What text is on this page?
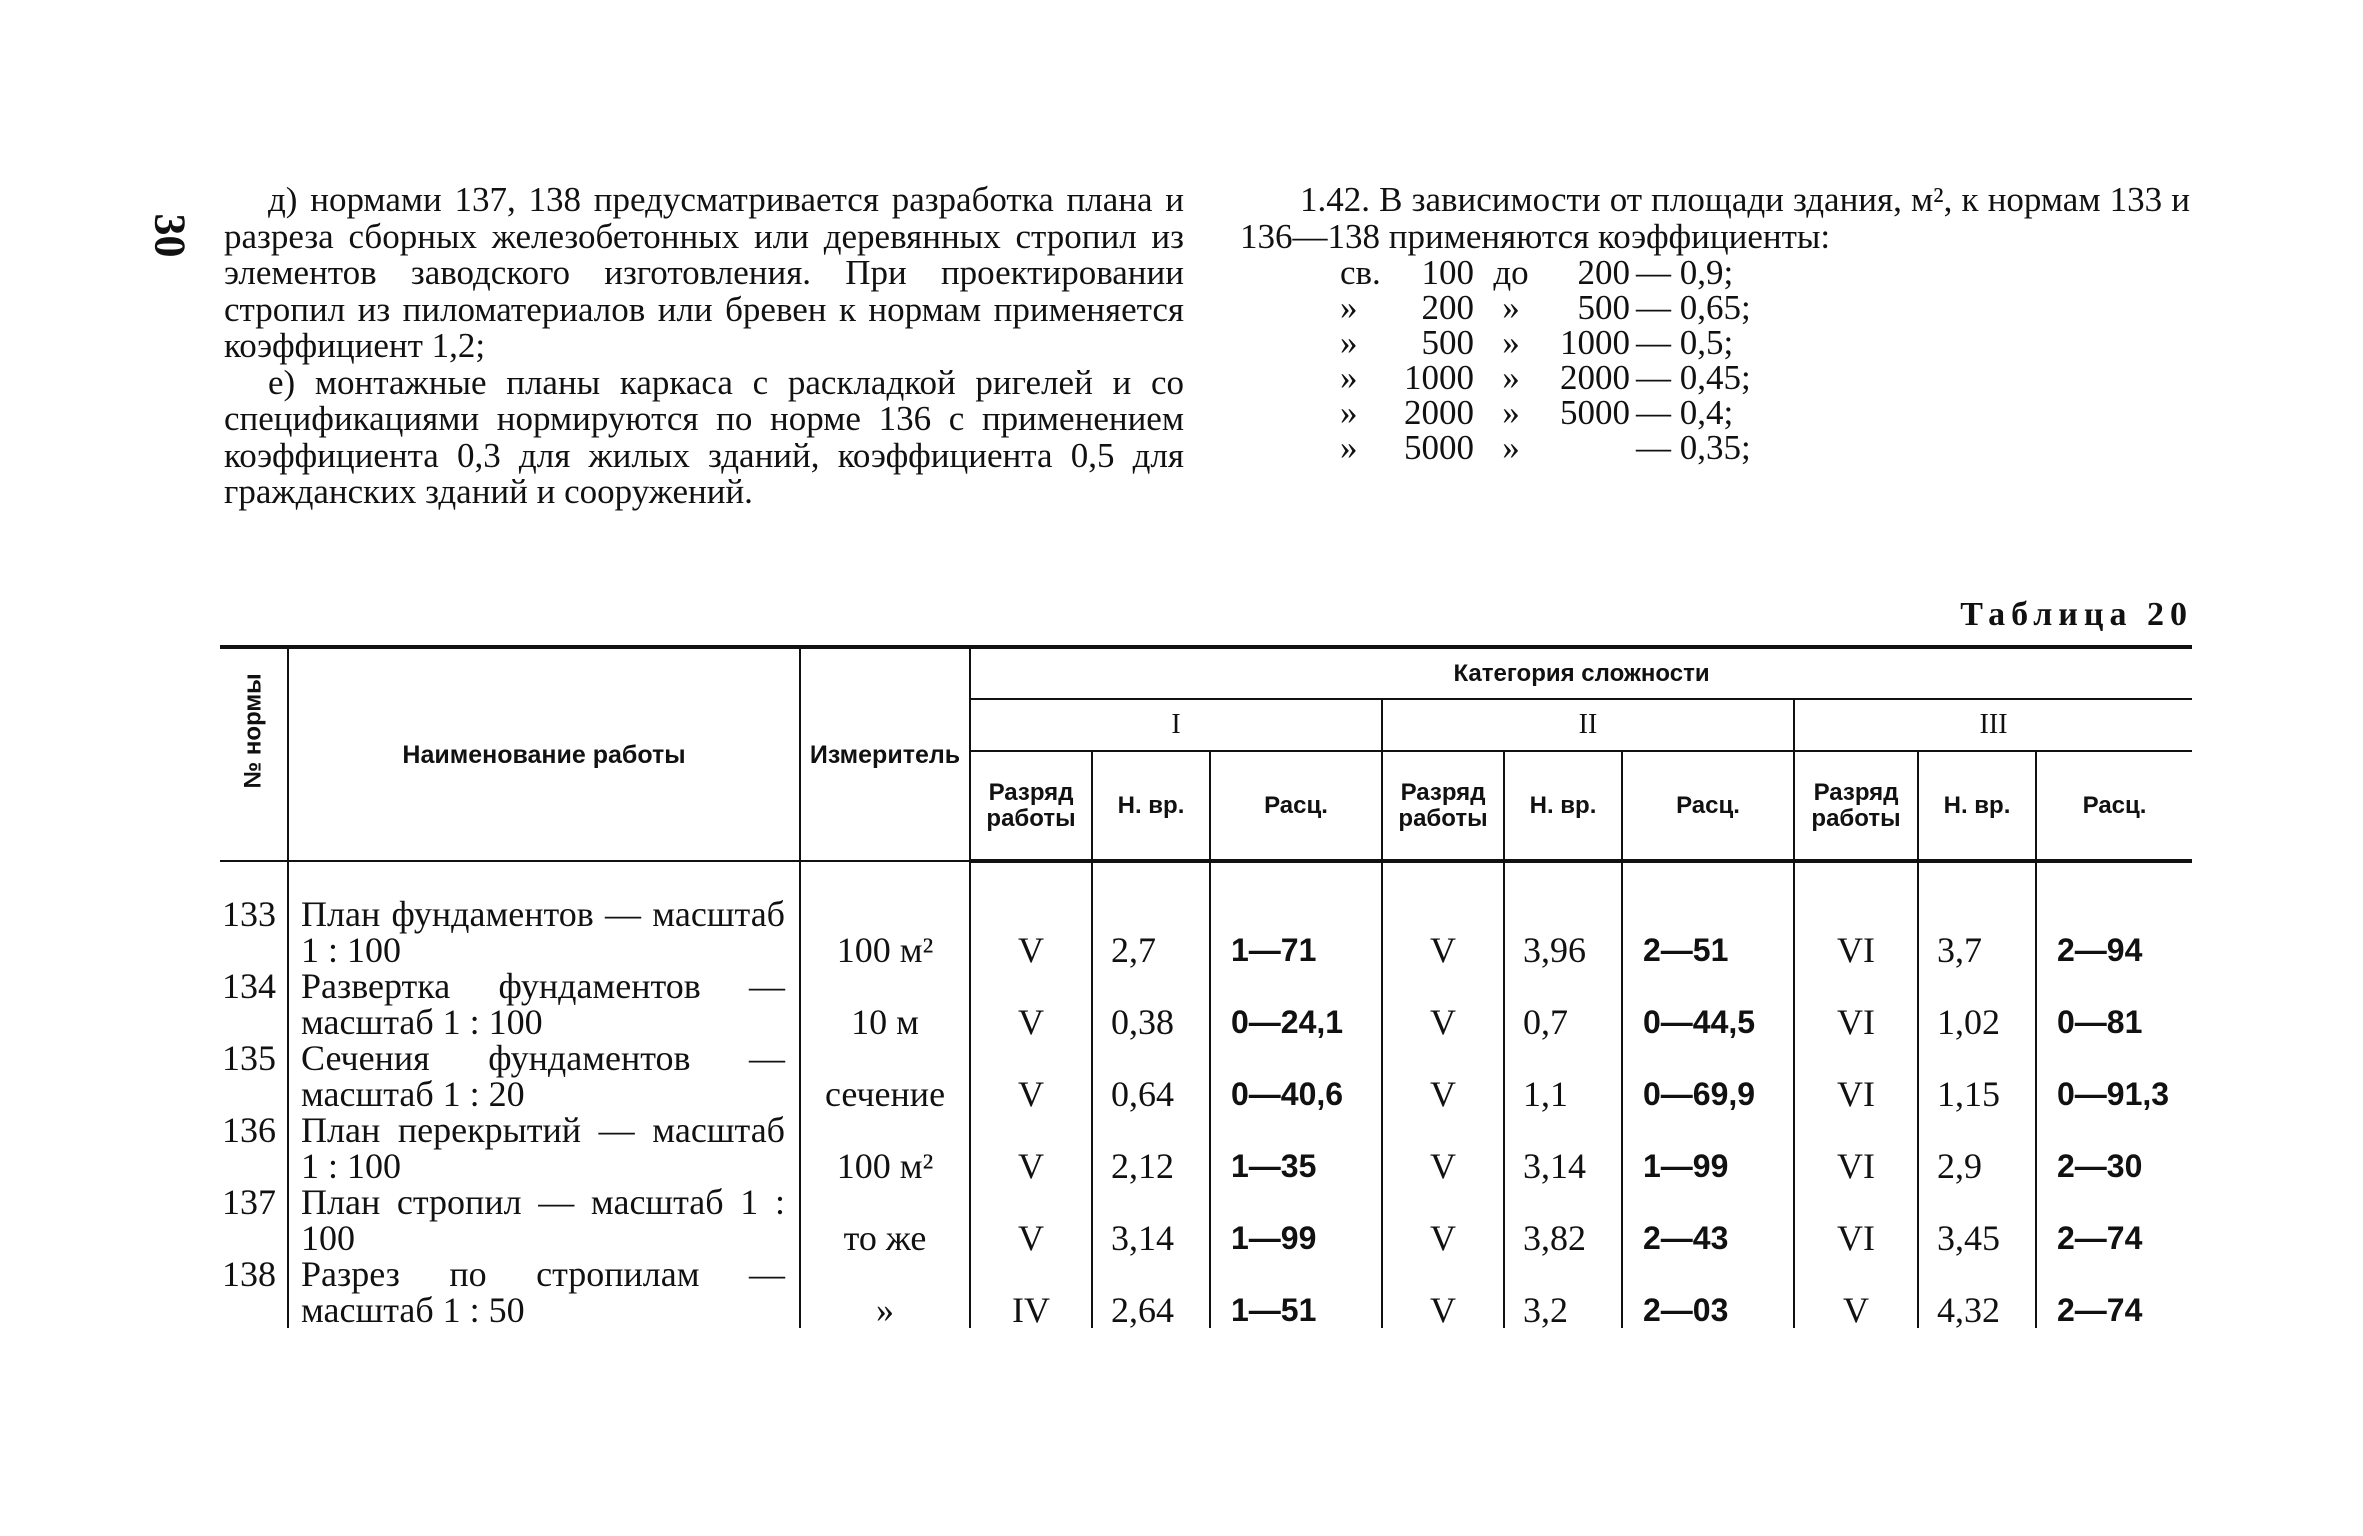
30

д) нормами 137, 138 предусматривается разработка плана и разреза сборных железобетонных или деревянных стропил из элементов заводского изготовления. При проектировании стропил из пиломатериалов или бревен к нормам применяется коэффициент 1,2;

е) монтажные планы каркаса с раскладкой ригелей и со спецификациями нормируются по норме 136 с применением коэффициента 0,3 для жилых зданий, коэффициента 0,5 для гражданских зданий и сооружений.

1.42. В зависимости от площади здания, м², к нормам 133 и 136—138 применяются коэффициенты:

св.	100 до	200 — 0,9;
»	200 »	500 — 0,65;
»	500 »	1000 — 0,5;
»	1000 »	2000 — 0,45;
»	2000 »	5000 — 0,4;
»	5000 »	— 0,35;
Таблица 20
№ нормы	Наименование работы	Измеритель	Категория сложности								
			I			II			III		
			Разряд работы	Н. вр.	Расц.	Разряд работы	Н. вр.	Расц.	Разряд работы	Н. вр.	Расц.
133	План фундаментов — масштаб 1 : 100	100 м²	V	2,7	1—71	V	3,96	2—51	VI	3,7	2—94
134	Развертка фундаментов — масштаб 1 : 100	10 м	V	0,38	0—24,1	V	0,7	0—44,5	VI	1,02	0—81
135	Сечения фундаментов — масштаб 1 : 20	сечение	V	0,64	0—40,6	V	1,1	0—69,9	VI	1,15	0—91,3
136	План перекрытий — масштаб 1 : 100	100 м²	V	2,12	1—35	V	3,14	1—99	VI	2,9	2—30
137	План стропил — масштаб 1 : 100	то же	V	3,14	1—99	V	3,82	2—43	VI	3,45	2—74
138	Разрез по стропилам — масштаб 1 : 50	»	IV	2,64	1—51	V	3,2	2—03	V	4,32	2—74
